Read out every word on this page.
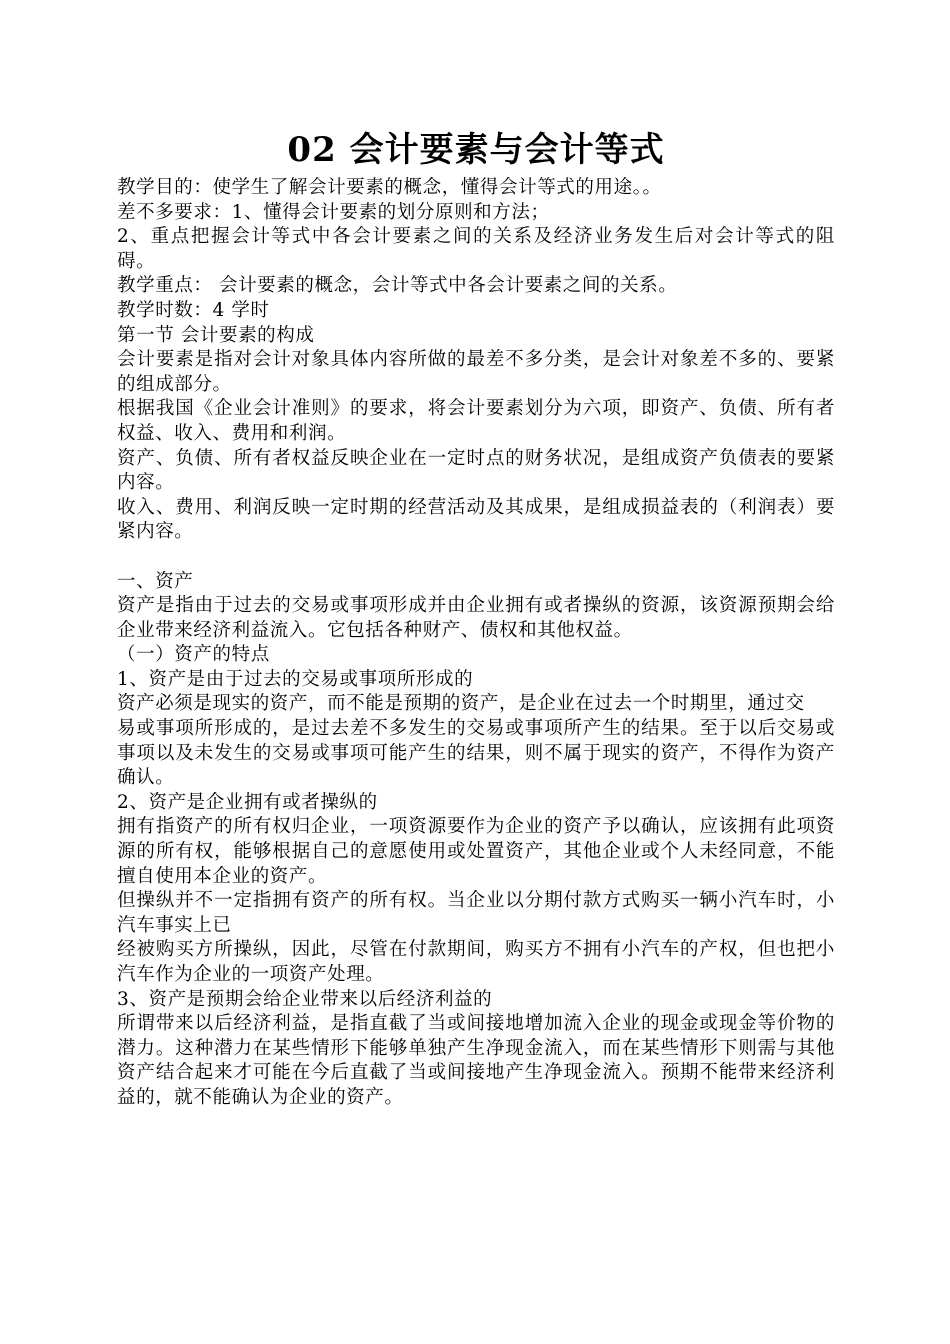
02 会计要素与会计等式

教学目的：使学生了解会计要素的概念，懂得会计等式的用途。。

差不多要求：1、懂得会计要素的划分原则和方法；

2、重点把握会计等式中各会计要素之间的关系及经济业务发生后对会计等式的阻碍。

教学重点： 会计要素的概念，会计等式中各会计要素之间的关系。

教学时数：4 学时

第一节 会计要素的构成

会计要素是指对会计对象具体内容所做的最差不多分类，是会计对象差不多的、要紧的组成部分。

根据我国《企业会计准则》的要求，将会计要素划分为六项，即资产、负债、所有者权益、收入、费用和利润。

资产、负债、所有者权益反映企业在一定时点的财务状况，是组成资产负债表的要紧内容。

收入、费用、利润反映一定时期的经营活动及其成果，是组成损益表的（利润表）要紧内容。

一、资产

资产是指由于过去的交易或事项形成并由企业拥有或者操纵的资源，该资源预期会给企业带来经济利益流入。它包括各种财产、债权和其他权益。

（一）资产的特点

1、资产是由于过去的交易或事项所形成的

资产必须是现实的资产，而不能是预期的资产，是企业在过去一个时期里，通过交

易或事项所形成的，是过去差不多发生的交易或事项所产生的结果。至于以后交易或事项以及未发生的交易或事项可能产生的结果，则不属于现实的资产，不得作为资产确认。

2、资产是企业拥有或者操纵的

拥有指资产的所有权归企业，一项资源要作为企业的资产予以确认，应该拥有此项资源的所有权，能够根据自己的意愿使用或处置资产，其他企业或个人未经同意，不能擅自使用本企业的资产。

但操纵并不一定指拥有资产的所有权。当企业以分期付款方式购买一辆小汽车时，小汽车事实上已

经被购买方所操纵，因此，尽管在付款期间，购买方不拥有小汽车的产权，但也把小汽车作为企业的一项资产处理。

3、资产是预期会给企业带来以后经济利益的

所谓带来以后经济利益，是指直截了当或间接地增加流入企业的现金或现金等价物的潜力。这种潜力在某些情形下能够单独产生净现金流入，而在某些情形下则需与其他资产结合起来才可能在今后直截了当或间接地产生净现金流入。预期不能带来经济利益的，就不能确认为企业的资产。
